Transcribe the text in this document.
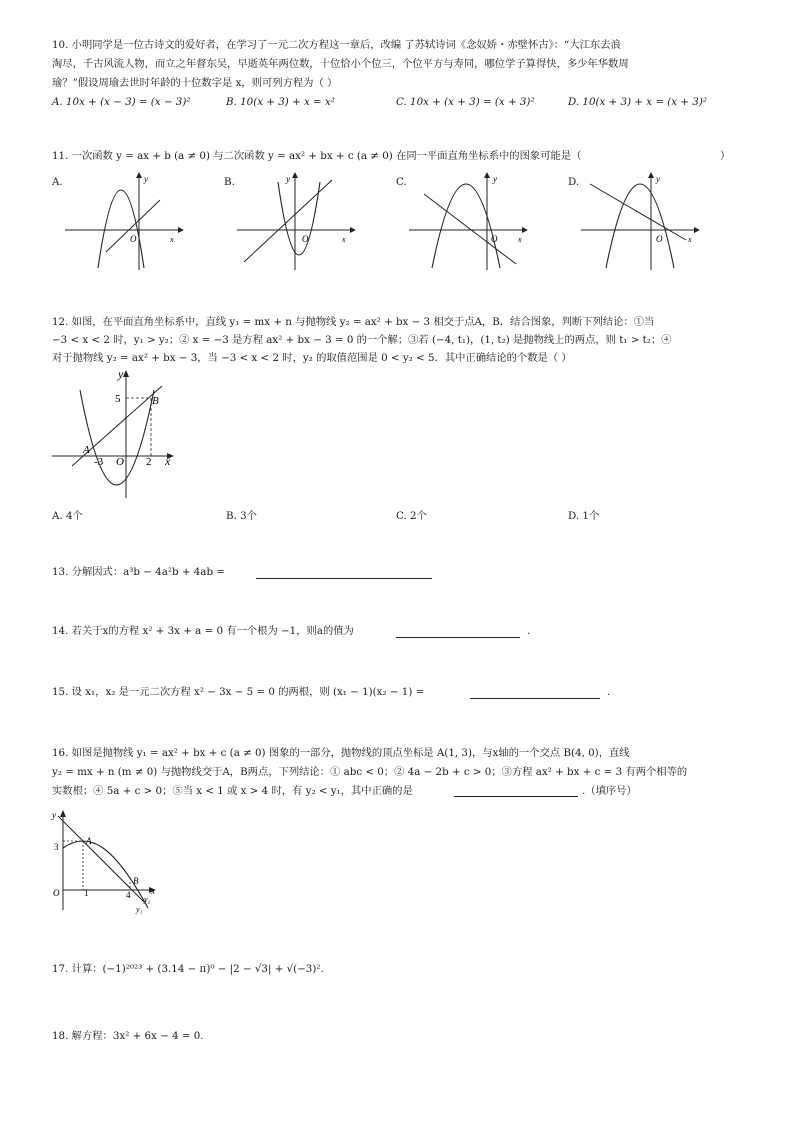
10. 小明同学是一位古诗文的爱好者，在学习了一元二次方程这一章后，改编 了苏轼诗词《念奴娇・赤壁怀古》：“大江东去浪
淘尽，千古风流人物，而立之年督东吴，早逝英年两位数，十位恰小个位三，个位平方与寿同，哪位学子算得快，多少年华数周
瑜？”假设周瑜去世时年龄的十位数字是 x，则可列方程为（ ）
A. 10x + (x − 3) = (x − 3)²	B. 10(x + 3) + x = x²	C. 10x + (x + 3) = (x + 3)²	D. 10(x + 3) + x = (x + 3)²
11. 一次函数 y = ax + b (a ≠ 0) 与二次函数 y = ax² + bx + c (a ≠ 0) 在同一平面直角坐标系中的图象可能是（	）
A.	B.	C.	D.
y
O	x
y
O	x
y
O	x
y
O	x
12. 如图，在平面直角坐标系中，直线 y₁ = mx + n 与抛物线 y₂ = ax² + bx − 3 相交于点A，B．结合图象，判断下列结论：①当
−3 < x < 2 时，y₁ > y₂；② x = −3 是方程 ax² + bx − 3 = 0 的一个解；③若 (−4, t₁)，(1, t₂) 是抛物线上的两点，则 t₁ > t₂；④
对于抛物线 y₂ = ax² + bx − 3，当 −3 < x < 2 时，y₂ 的取值范围是 0 < y₂ < 5．其中正确结论的个数是（ ）
y
5	B
A
-3 O 2 x
A. 4个	B. 3个	C. 2个	D. 1个
13. 分解因式：a³b − 4a²b + 4ab =
14. 若关于x的方程 x² + 3x + a = 0 有一个根为 −1，则a的值为	.
15. 设 x₁，x₂ 是一元二次方程 x² − 3x − 5 = 0 的两根，则 (x₁ − 1)(x₂ − 1) =	.
16. 如图是抛物线 y₁ = ax² + bx + c (a ≠ 0) 图象的一部分，抛物线的顶点坐标是 A(1, 3)，与x轴的一个交点 B(4, 0)，直线
y₂ = mx + n (m ≠ 0) 与抛物线交于A，B两点，下列结论：① abc < 0；② 4a − 2b + c > 0；③方程 ax² + bx + c = 3 有两个相等的
实数根；④ 5a + c > 0；⑤当 x < 1 或 x > 4 时，有 y₂ < y₁，其中正确的是	.（填序号）
y
3
A
O	1	4
B
x
y₂
y₁
17. 计算：(−1)²⁰²³ + (3.14 − π)⁰ − |2 − √3| + √(−3)².
18. 解方程：3x² + 6x − 4 = 0.
